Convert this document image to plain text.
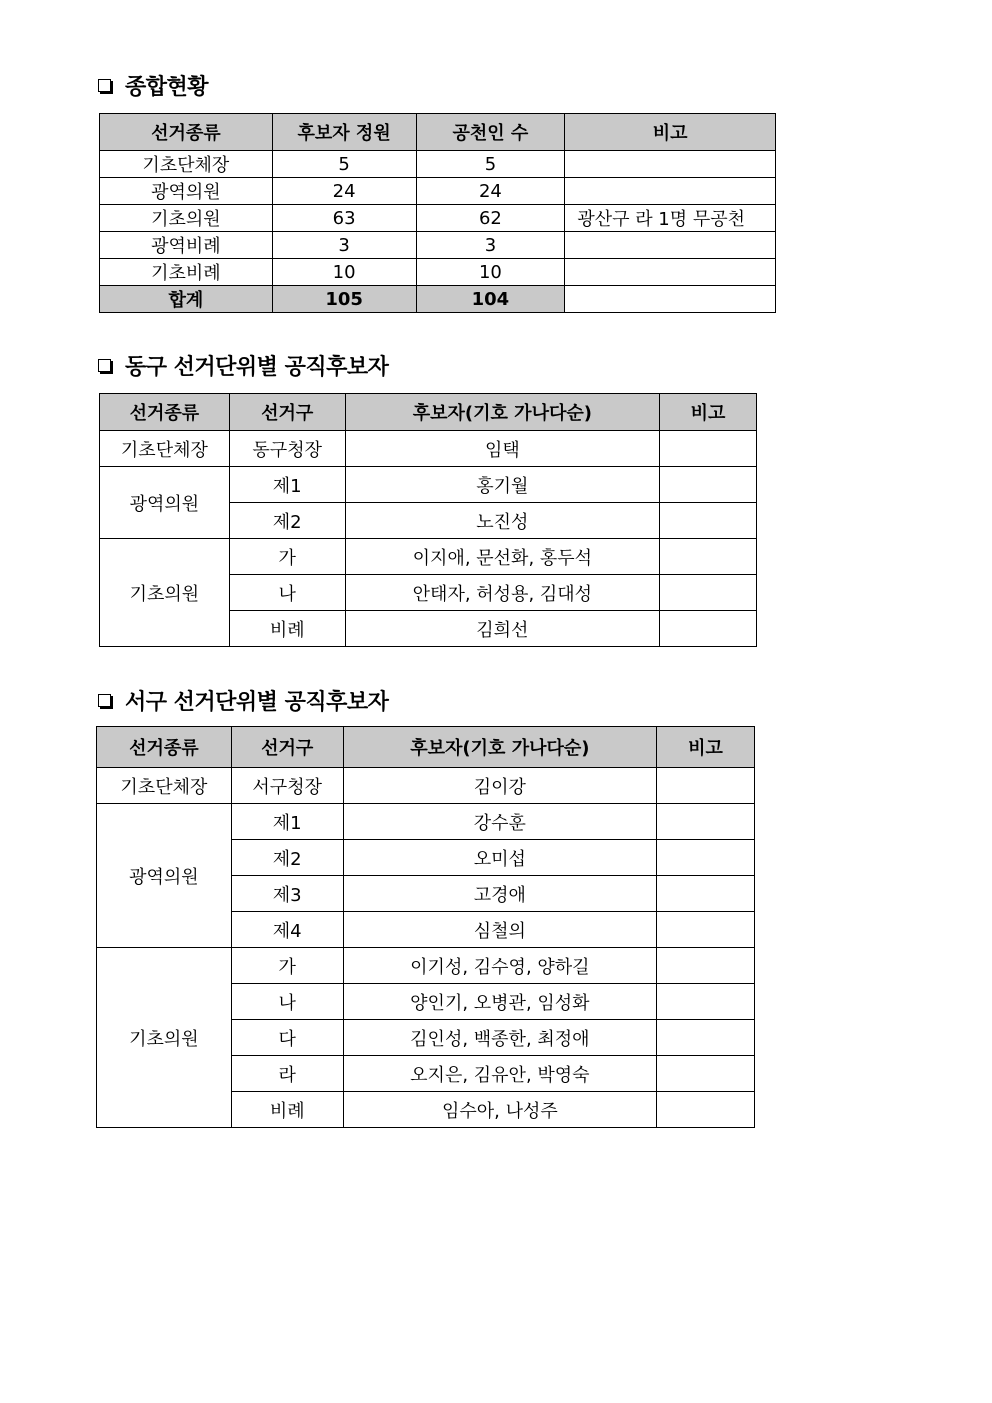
종합현황
선거종류	후보자 정원	공천인 수	비고
기초단체장	5	5	
광역의원	24	24	
기초의원	63	62	광산구 라 1명 무공천
광역비례	3	3	
기초비례	10	10	
합계	105	104	
동구 선거단위별 공직후보자
선거종류	선거구	후보자(기호 가나다순)	비고
기초단체장	동구청장	임택	
광역의원	제1	홍기월	
	제2	노진성	
기초의원	가	이지애, 문선화, 홍두석	
	나	안태자, 허성용, 김대성	
	비례	김희선	
서구 선거단위별 공직후보자
선거종류	선거구	후보자(기호 가나다순)	비고
기초단체장	서구청장	김이강	
광역의원	제1	강수훈	
	제2	오미섭	
	제3	고경애	
	제4	심철의	
기초의원	가	이기성, 김수영, 양하길	
	나	양인기, 오병관, 임성화	
	다	김인성, 백종한, 최정애	
	라	오지은, 김유안, 박영숙	
	비례	임수아, 나성주	
